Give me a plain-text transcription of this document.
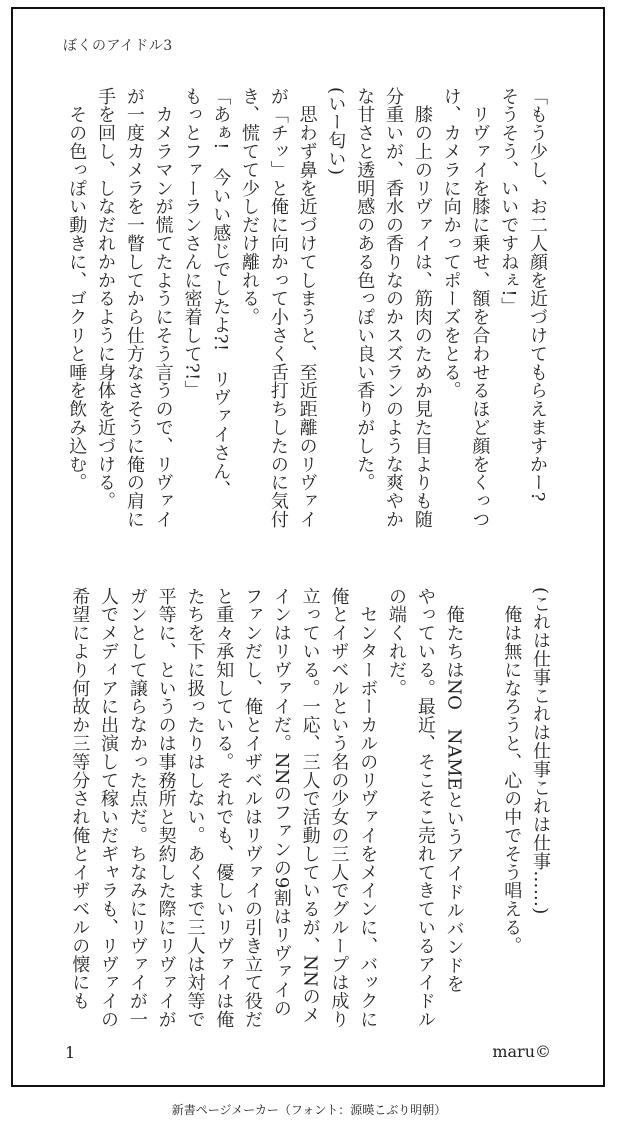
ぼくのアイドル3
「もう少し、お二人顔を近づけてもらえますかー?
そうそう、いいですねぇ!」
　リヴァイを膝に乗せ、額を合わせるほど顔をくっつ
け、カメラに向かってポーズをとる。
　膝の上のリヴァイは、筋肉のためか見た目よりも随
分重いが、香水の香りなのかスズランのような爽やか
な甘さと透明感のある色っぽい良い香りがした。
(いー匂い)
　思わず鼻を近づけてしまうと、至近距離のリヴァイ
が「チッ」と俺に向かって小さく舌打ちしたのに気付
き、慌てて少しだけ離れる。
「あぁ!　今いい感じでしたよ?!　リヴァイさん、
もっとファーランさんに密着して?!」
　カメラマンが慌てたようにそう言うので、リヴァイ
が一度カメラを一瞥してから仕方なさそうに俺の肩に
手を回し、しなだれかかるように身体を近づける。
　その色っぽい動きに、ゴクリと唾を飲み込む。
(これは仕事これは仕事これは仕事……)
　俺は無になろうと、心の中でそう唱える。

　俺たちはNO　NAMEというアイドルバンドを
やっている。最近、そこそこ売れてきているアイドル
の端くれだ。
　センターボーカルのリヴァイをメインに、バックに
俺とイザベルという名の少女の三人でグループは成り
立っている。一応、三人で活動しているが、NNのメ
インはリヴァイだ。NNのファンの9割はリヴァイの
ファンだし、俺とイザベルはリヴァイの引き立て役だ
と重々承知している。それでも、優しいリヴァイは俺
たちを下に扱ったりはしない。あくまで三人は対等で
平等に、というのは事務所と契約した際にリヴァイが
ガンとして譲らなかった点だ。ちなみにリヴァイが一
人でメディアに出演して稼いだギャラも、リヴァイの
希望により何故か三等分され俺とイザベルの懐にも
1	maru©
新書ページメーカー（フォント：源暎こぶり明朝）
